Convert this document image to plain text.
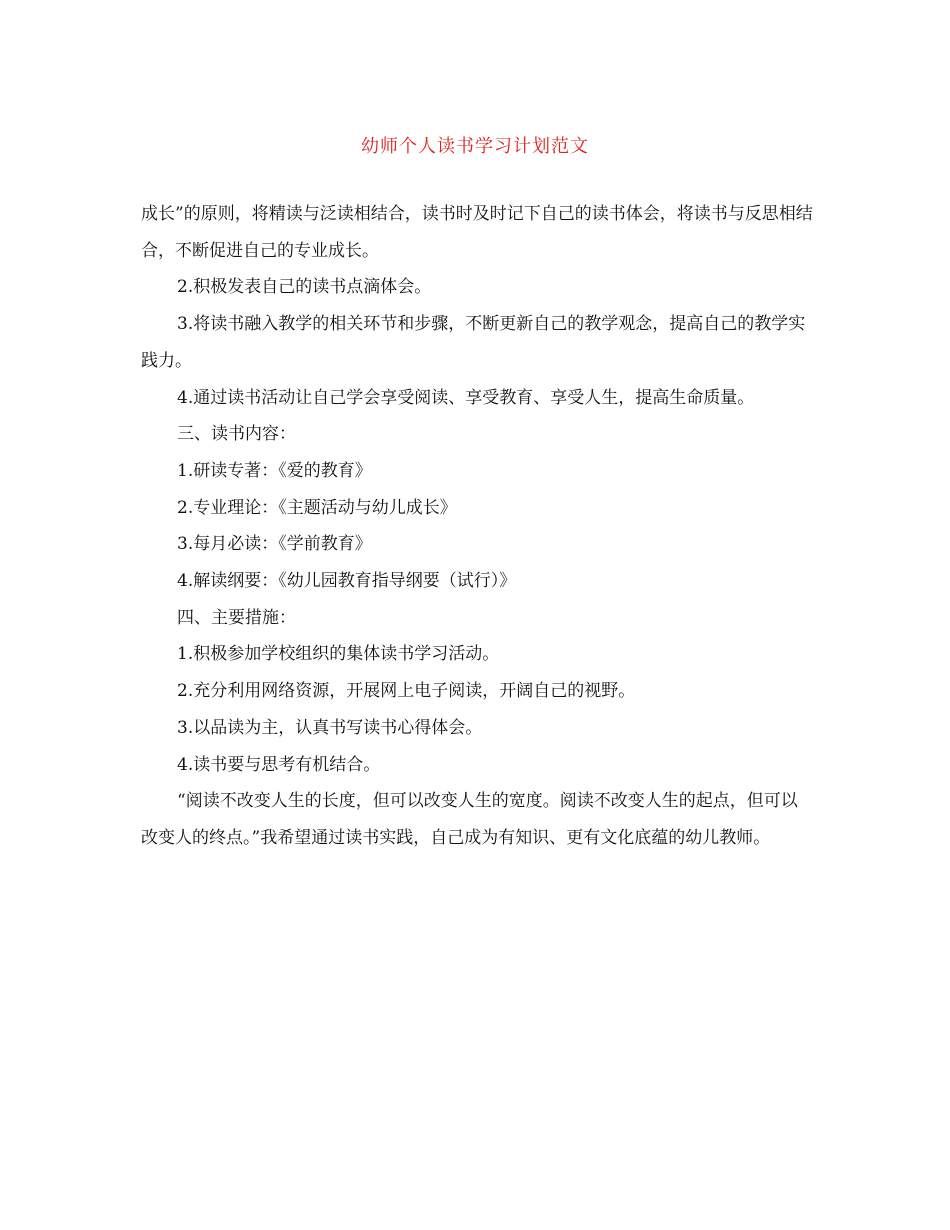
幼师个人读书学习计划范文

成长”的原则，将精读与泛读相结合，读书时及时记下自己的读书体会，将读书与反思相结合，不断促进自己的专业成长。

2.积极发表自己的读书点滴体会。

3.将读书融入教学的相关环节和步骤，不断更新自己的教学观念，提高自己的教学实践力。

4.通过读书活动让自己学会享受阅读、享受教育、享受人生，提高生命质量。

三、读书内容：

1.研读专著：《爱的教育》

2.专业理论：《主题活动与幼儿成长》

3.每月必读：《学前教育》

4.解读纲要：《幼儿园教育指导纲要（试行）》

四、主要措施：

1.积极参加学校组织的集体读书学习活动。

2.充分利用网络资源，开展网上电子阅读，开阔自己的视野。

3.以品读为主，认真书写读书心得体会。

4.读书要与思考有机结合。

“阅读不改变人生的长度，但可以改变人生的宽度。阅读不改变人生的起点，但可以改变人的终点。”我希望通过读书实践，自己成为有知识、更有文化底蕴的幼儿教师。
